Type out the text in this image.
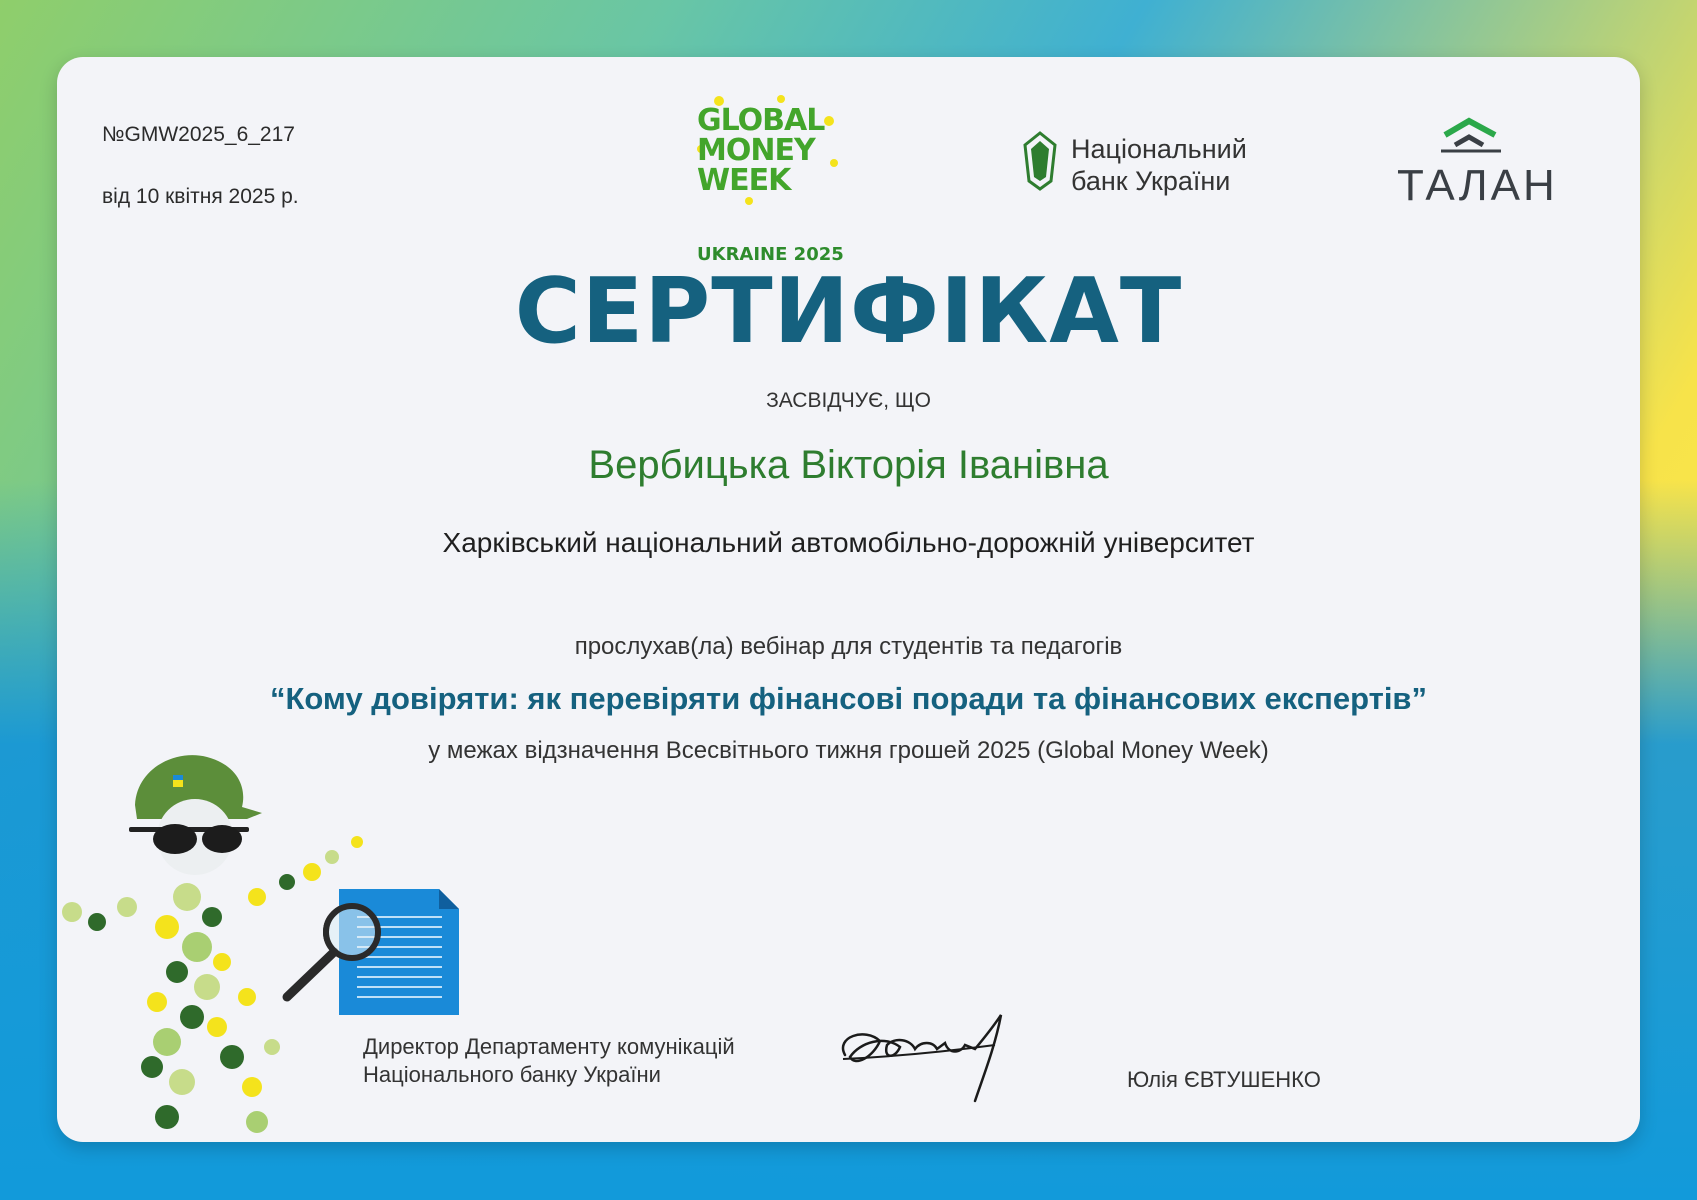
№GMW2025_6_217
від 10 квітня 2025 р.
GLOBAL
MONEY
WEEK
UKRAINE 2025
Національний
банк України	ТАЛАН
СЕРТИФІКАТ
ЗАСВІДЧУЄ, ЩО
Вербицька Вікторія Іванівна
Харківський національний автомобільно-дорожній університет
прослухав(ла) вебінар для студентів та педагогів
“Кому довіряти: як перевіряти фінансові поради та фінансових експертів”
у межах відзначення Всесвітнього тижня грошей 2025 (Global Money Week)
Директор Департаменту комунікацій
Національного банку України	Юлія ЄВТУШЕНКО
